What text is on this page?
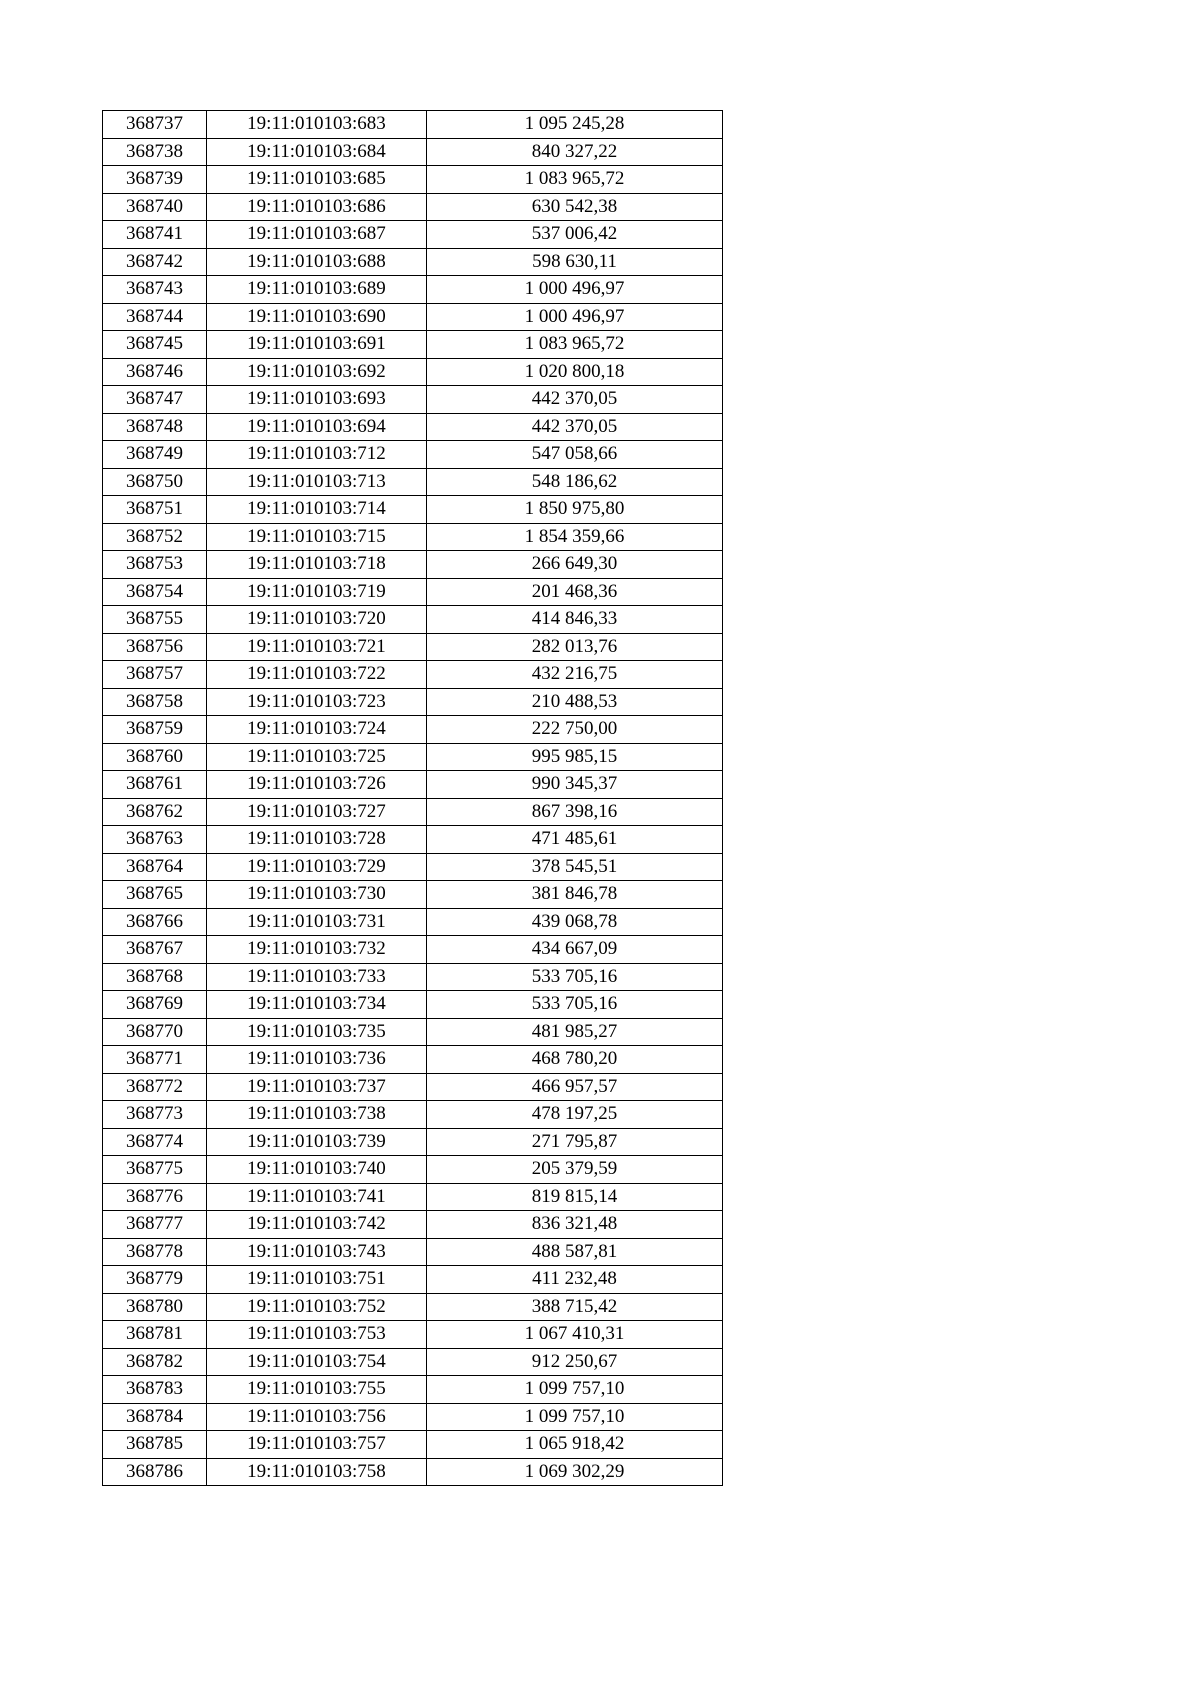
368737	19:11:010103:683	1 095 245,28
368738	19:11:010103:684	840 327,22
368739	19:11:010103:685	1 083 965,72
368740	19:11:010103:686	630 542,38
368741	19:11:010103:687	537 006,42
368742	19:11:010103:688	598 630,11
368743	19:11:010103:689	1 000 496,97
368744	19:11:010103:690	1 000 496,97
368745	19:11:010103:691	1 083 965,72
368746	19:11:010103:692	1 020 800,18
368747	19:11:010103:693	442 370,05
368748	19:11:010103:694	442 370,05
368749	19:11:010103:712	547 058,66
368750	19:11:010103:713	548 186,62
368751	19:11:010103:714	1 850 975,80
368752	19:11:010103:715	1 854 359,66
368753	19:11:010103:718	266 649,30
368754	19:11:010103:719	201 468,36
368755	19:11:010103:720	414 846,33
368756	19:11:010103:721	282 013,76
368757	19:11:010103:722	432 216,75
368758	19:11:010103:723	210 488,53
368759	19:11:010103:724	222 750,00
368760	19:11:010103:725	995 985,15
368761	19:11:010103:726	990 345,37
368762	19:11:010103:727	867 398,16
368763	19:11:010103:728	471 485,61
368764	19:11:010103:729	378 545,51
368765	19:11:010103:730	381 846,78
368766	19:11:010103:731	439 068,78
368767	19:11:010103:732	434 667,09
368768	19:11:010103:733	533 705,16
368769	19:11:010103:734	533 705,16
368770	19:11:010103:735	481 985,27
368771	19:11:010103:736	468 780,20
368772	19:11:010103:737	466 957,57
368773	19:11:010103:738	478 197,25
368774	19:11:010103:739	271 795,87
368775	19:11:010103:740	205 379,59
368776	19:11:010103:741	819 815,14
368777	19:11:010103:742	836 321,48
368778	19:11:010103:743	488 587,81
368779	19:11:010103:751	411 232,48
368780	19:11:010103:752	388 715,42
368781	19:11:010103:753	1 067 410,31
368782	19:11:010103:754	912 250,67
368783	19:11:010103:755	1 099 757,10
368784	19:11:010103:756	1 099 757,10
368785	19:11:010103:757	1 065 918,42
368786	19:11:010103:758	1 069 302,29
